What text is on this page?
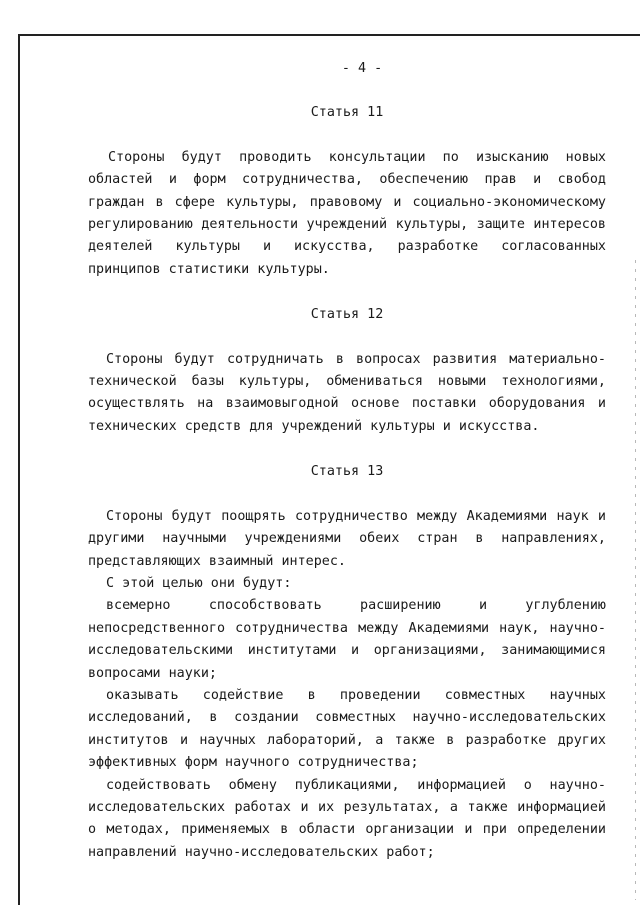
- 4 -
Статья 11

Стороны будут проводить консультации по изысканию новых областей и форм сотрудничества, обеспечению прав и свобод граждан в сфере культуры, правовому и социально-экономическому регулированию деятельности учреждений культуры, защите интересов деятелей культуры и искусства, разработке согласованных принципов статистики культуры.

Статья 12

Стороны будут сотрудничать в вопросах развития материально-технической базы культуры, обмениваться новыми технологиями, осуществлять на взаимовыгодной основе поставки оборудования и технических средств для учреждений культуры и искусства.

Статья 13

Стороны будут поощрять сотрудничество между Академиями наук и другими научными учреждениями обеих стран в направлениях, представляющих взаимный интерес.

С этой целью они будут:

всемерно способствовать расширению и углублению непосредственного сотрудничества между Академиями наук, научно-исследовательскими институтами и организациями, занимающимися вопросами науки;

оказывать содействие в проведении совместных научных исследований, в создании совместных научно-исследовательских институтов и научных лабораторий, а также в разработке других эффективных форм научного сотрудничества;

содействовать обмену публикациями, информацией о научно-исследовательских работах и их результатах, а также информацией о методах, применяемых в области организации и при определении направлений научно-исследовательских работ;
